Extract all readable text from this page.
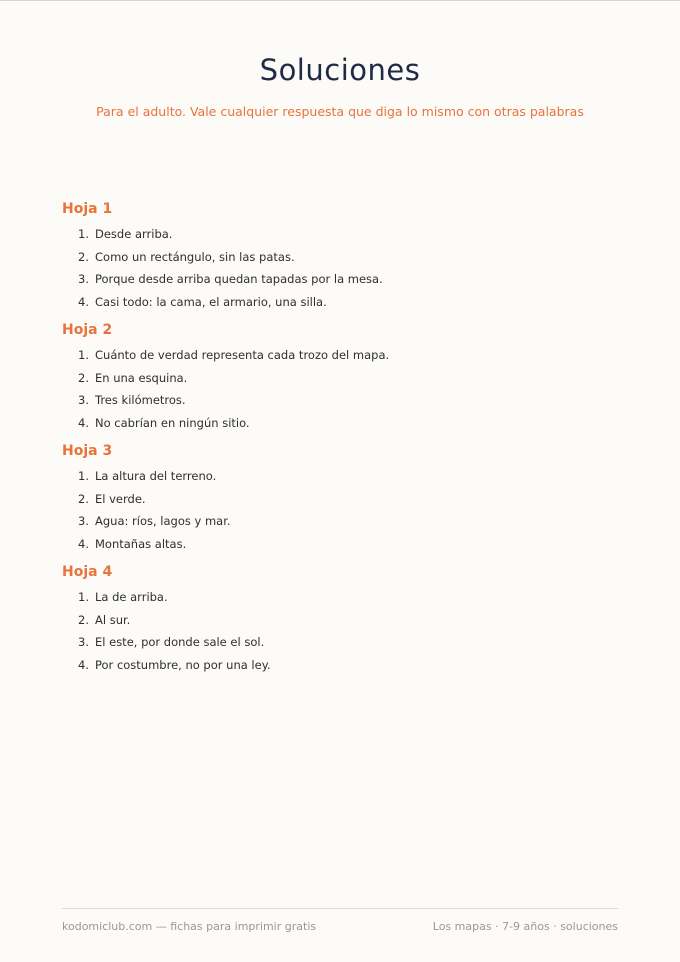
Soluciones

Para el adulto. Vale cualquier respuesta que diga lo mismo con otras palabras

Hoja 1
1. Desde arriba.
2. Como un rectángulo, sin las patas.
3. Porque desde arriba quedan tapadas por la mesa.
4. Casi todo: la cama, el armario, una silla.
Hoja 2
1. Cuánto de verdad representa cada trozo del mapa.
2. En una esquina.
3. Tres kilómetros.
4. No cabrían en ningún sitio.
Hoja 3
1. La altura del terreno.
2. El verde.
3. Agua: ríos, lagos y mar.
4. Montañas altas.
Hoja 4
1. La de arriba.
2. Al sur.
3. El este, por donde sale el sol.
4. Por costumbre, no por una ley.
kodomiclub.com — fichas para imprimir gratis	Los mapas · 7-9 años · soluciones
